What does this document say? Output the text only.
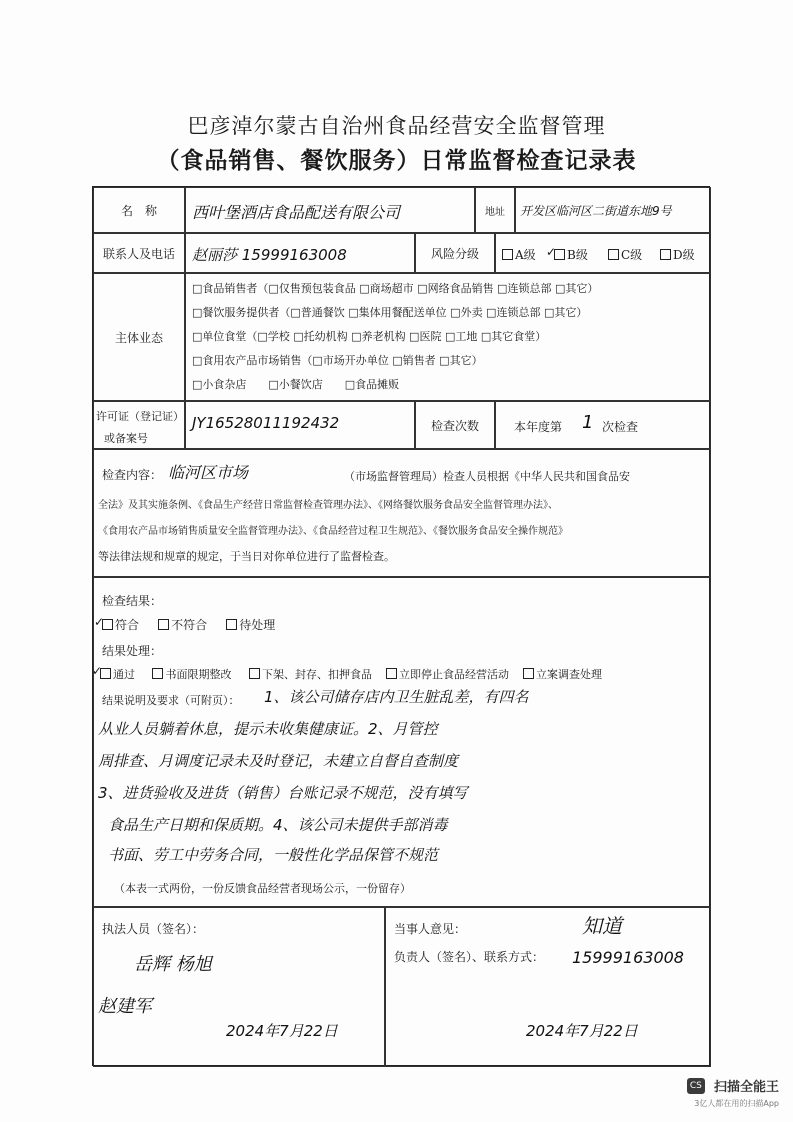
巴彦淖尔蒙古自治州食品经营安全监督管理
（食品销售、餐饮服务）日常监督检查记录表
名　称	西叶堡酒店食品配送有限公司	地址	开发区临河区二街道东地9号
联系人及电话	赵丽莎 15999163008	风险分级	A级
✓	B级	C级	D级
主体业态
□食品销售者（□仅售预包装食品 □商场超市 □网络食品销售 □连锁总部 □其它）
□餐饮服务提供者（□普通餐饮 □集体用餐配送单位 □外卖 □连锁总部 □其它）
□单位食堂（□学校 □托幼机构 □养老机构 □医院 □工地 □其它食堂）
□食用农产品市场销售（□市场开办单位 □销售者 □其它）
□小食杂店　　□小餐饮店　　□食品摊贩
许可证（登记证）
或备案号
JY16528011192432	检查次数	本年度第 1 次检查
检查内容： 临河区市场	（市场监督管理局）检查人员根据《中华人民共和国食品安
全法》及其实施条例、《食品生产经营日常监督检查管理办法》、《网络餐饮服务食品安全监督管理办法》、
《食用农产品市场销售质量安全监督管理办法》、《食品经营过程卫生规范》、《餐饮服务食品安全操作规范》
等法律法规和规章的规定，于当日对你单位进行了监督检查。
检查结果：
✓符合	不符合	待处理
结果处理：
✓通过	书面限期整改	下架、封存、扣押食品 立即停止食品经营活动 立案调查处理
结果说明及要求（可附页）： 1、该公司储存店内卫生脏乱差，有四名
从业人员躺着休息，提示未收集健康证。2、月管控
周排查、月调度记录未及时登记，未建立自督自查制度
3、进货验收及进货（销售）台账记录不规范，没有填写
食品生产日期和保质期。4、该公司未提供手部消毒
书面、劳工中劳务合同，一般性化学品保管不规范
（本表一式两份，一份反馈食品经营者现场公示，一份留存）
执法人员（签名）：
岳辉 杨旭
赵建军
2024年7月22日
当事人意见：	知道
负责人（签名）、联系方式： 15999163008
2024年7月22日
CS 扫描全能王
3亿人都在用的扫描App
